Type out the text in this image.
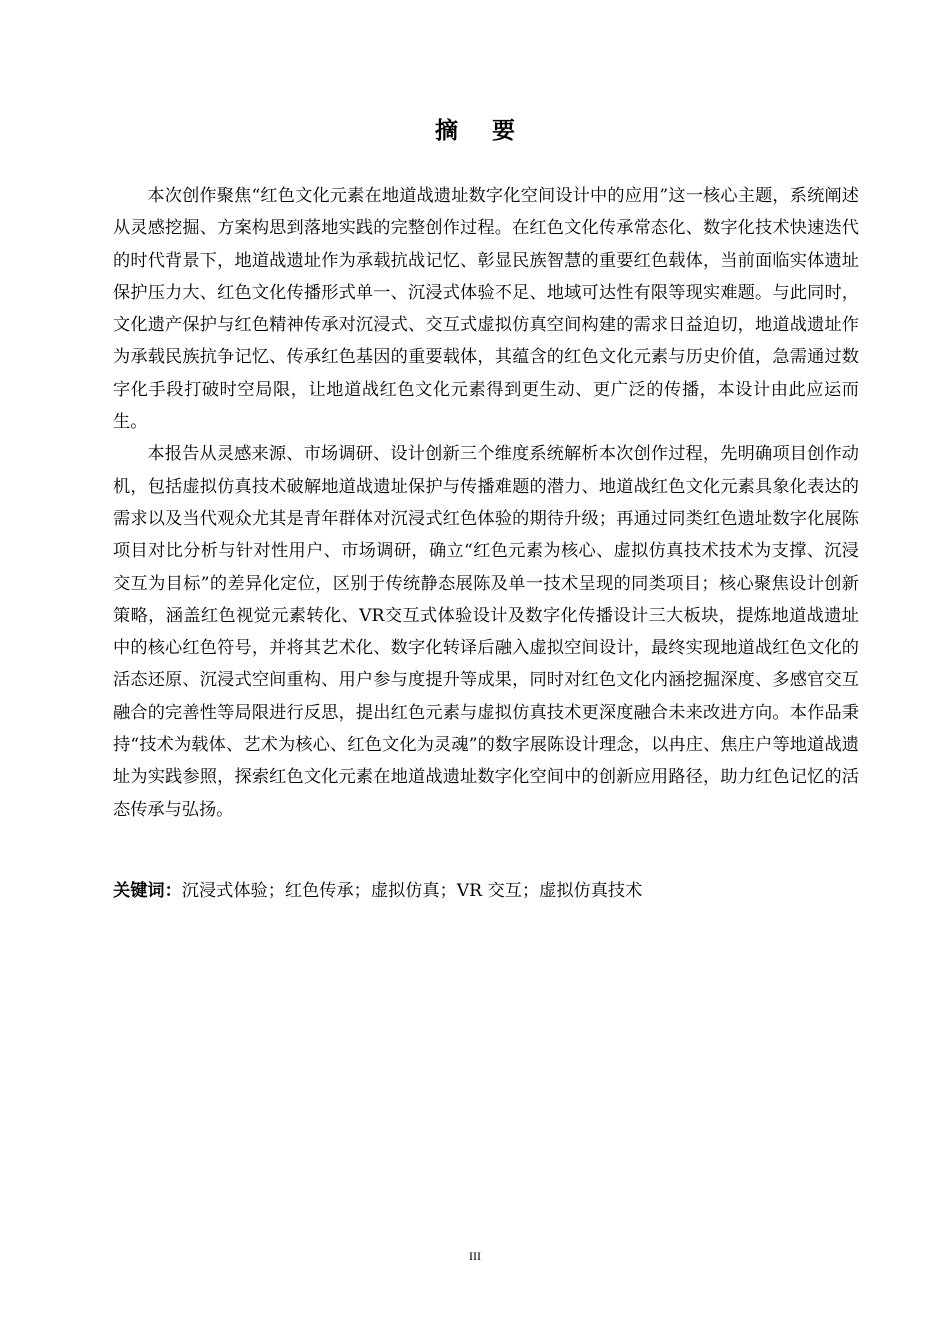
摘要

本次创作聚焦“红色文化元素在地道战遗址数字化空间设计中的应用”这一核心主题，系统阐述从灵感挖掘、方案构思到落地实践的完整创作过程。在红色文化传承常态化、数字化技术快速迭代的时代背景下，地道战遗址作为承载抗战记忆、彰显民族智慧的重要红色载体，当前面临实体遗址保护压力大、红色文化传播形式单一、沉浸式体验不足、地域可达性有限等现实难题。与此同时，文化遗产保护与红色精神传承对沉浸式、交互式虚拟仿真空间构建的需求日益迫切，地道战遗址作为承载民族抗争记忆、传承红色基因的重要载体，其蕴含的红色文化元素与历史价值，急需通过数字化手段打破时空局限，让地道战红色文化元素得到更生动、更广泛的传播，本设计由此应运而生。

本报告从灵感来源、市场调研、设计创新三个维度系统解析本次创作过程，先明确项目创作动机，包括虚拟仿真技术破解地道战遗址保护与传播难题的潜力、地道战红色文化元素具象化表达的需求以及当代观众尤其是青年群体对沉浸式红色体验的期待升级；再通过同类红色遗址数字化展陈项目对比分析与针对性用户、市场调研，确立“红色元素为核心、虚拟仿真技术技术为支撑、沉浸交互为目标”的差异化定位，区别于传统静态展陈及单一技术呈现的同类项目；核心聚焦设计创新策略，涵盖红色视觉元素转化、VR交互式体验设计及数字化传播设计三大板块，提炼地道战遗址中的核心红色符号，并将其艺术化、数字化转译后融入虚拟空间设计，最终实现地道战红色文化的活态还原、沉浸式空间重构、用户参与度提升等成果，同时对红色文化内涵挖掘深度、多感官交互融合的完善性等局限进行反思，提出红色元素与虚拟仿真技术更深度融合未来改进方向。本作品秉持“技术为载体、艺术为核心、红色文化为灵魂”的数字展陈设计理念，以冉庄、焦庄户等地道战遗址为实践参照，探索红色文化元素在地道战遗址数字化空间中的创新应用路径，助力红色记忆的活态传承与弘扬。

关键词：沉浸式体验；红色传承；虚拟仿真；VR 交互；虚拟仿真技术
III
